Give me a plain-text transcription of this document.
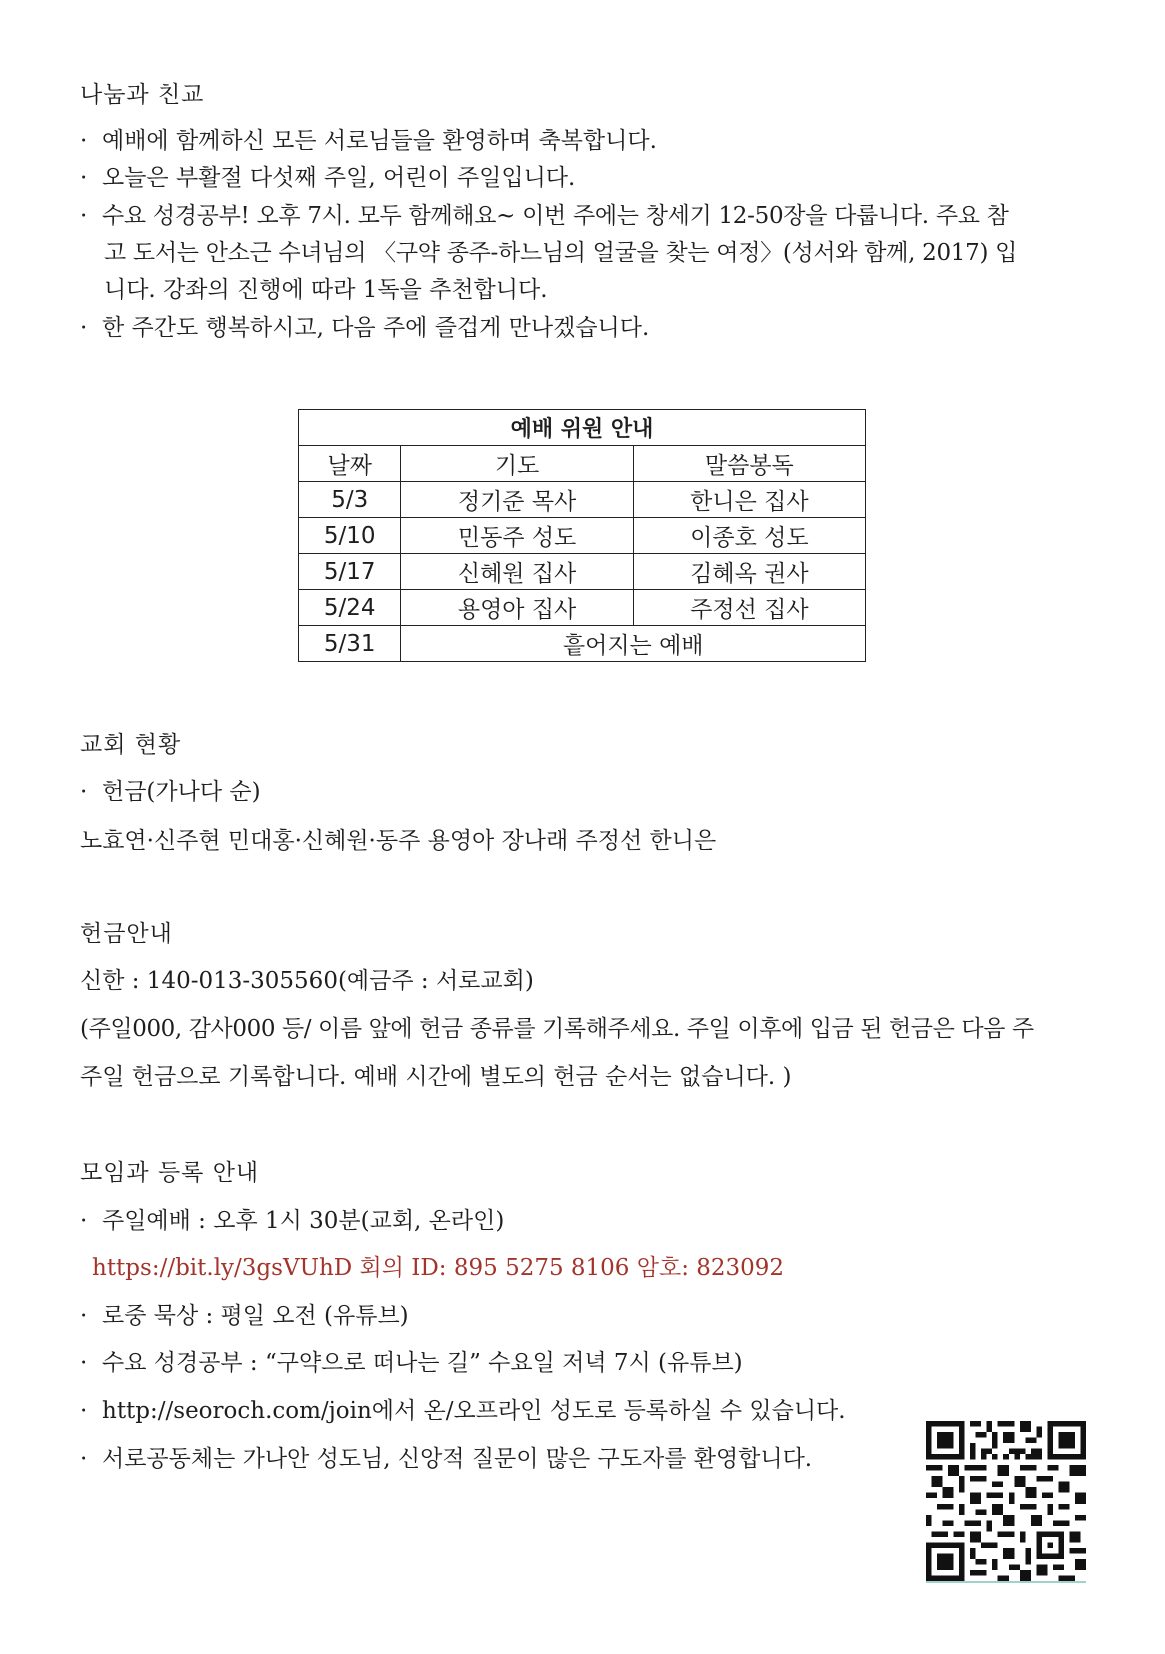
나눔과 친교
· 예배에 함께하신 모든 서로님들을 환영하며 축복합니다.
· 오늘은 부활절 다섯째 주일, 어린이 주일입니다.
· 수요 성경공부! 오후 7시. 모두 함께해요~ 이번 주에는 창세기 12-50장을 다룹니다. 주요 참
고 도서는 안소근 수녀님의 〈구약 종주-하느님의 얼굴을 찾는 여정〉(성서와 함께, 2017) 입
니다. 강좌의 진행에 따라 1독을 추천합니다.
· 한 주간도 행복하시고, 다음 주에 즐겁게 만나겠습니다.
예배 위원 안내		
날짜	기도	말씀봉독
5/3	정기준 목사	한니은 집사
5/10	민동주 성도	이종호 성도
5/17	신혜원 집사	김혜옥 권사
5/24	용영아 집사	주정선 집사
5/31	흩어지는 예배	
교회 현황
· 헌금(가나다 순)
노효연·신주현 민대홍·신혜원·동주 용영아 장나래 주정선 한니은
헌금안내
신한 : 140-013-305560(예금주 : 서로교회)
(주일000, 감사000 등/ 이름 앞에 헌금 종류를 기록해주세요. 주일 이후에 입금 된 헌금은 다음 주
주일 헌금으로 기록합니다. 예배 시간에 별도의 헌금 순서는 없습니다. )
모임과 등록 안내
· 주일예배 : 오후 1시 30분(교회, 온라인)
https://bit.ly/3gsVUhD 회의 ID: 895 5275 8106 암호: 823092
· 로중 묵상 : 평일 오전 (유튜브)
· 수요 성경공부 : “구약으로 떠나는 길” 수요일 저녁 7시 (유튜브)
· http://seoroch.com/join에서 온/오프라인 성도로 등록하실 수 있습니다.
· 서로공동체는 가나안 성도님, 신앙적 질문이 많은 구도자를 환영합니다.
